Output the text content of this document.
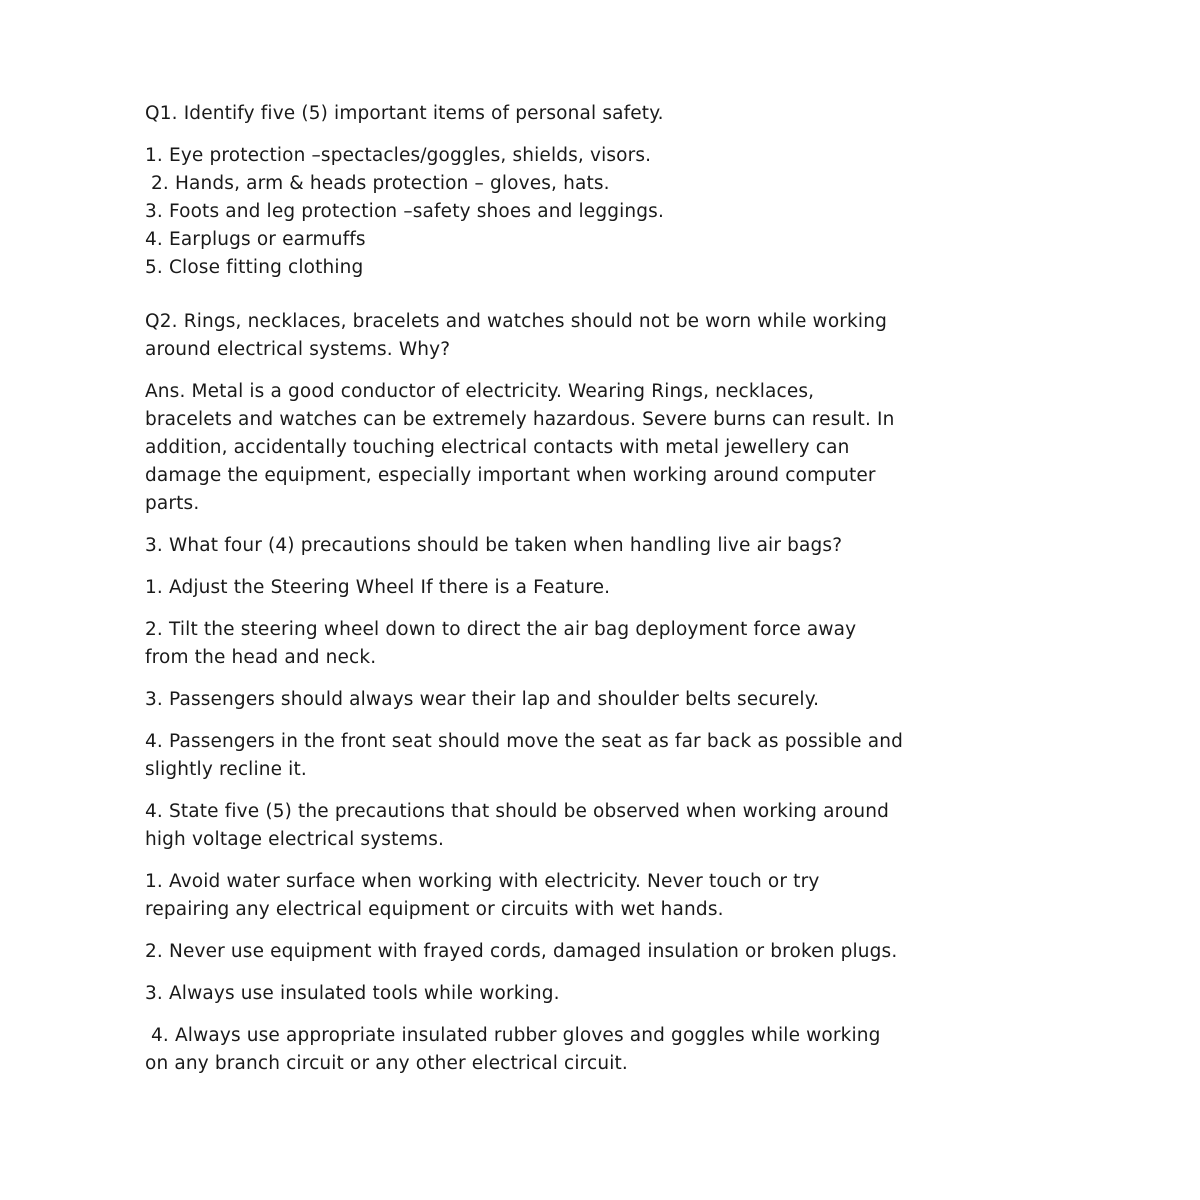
Q1. Identify five (5) important items of personal safety.

1. Eye protection –spectacles/goggles, shields, visors.
2. Hands, arm & heads protection – gloves, hats.
3. Foots and leg protection –safety shoes and leggings.
4. Earplugs or earmuffs
5. Close fitting clothing

Q2. Rings, necklaces, bracelets and watches should not be worn while working
around electrical systems. Why?

Ans. Metal is a good conductor of electricity. Wearing Rings, necklaces,
bracelets and watches can be extremely hazardous. Severe burns can result. In
addition, accidentally touching electrical contacts with metal jewellery can
damage the equipment, especially important when working around computer
parts.

3. What four (4) precautions should be taken when handling live air bags?

1. Adjust the Steering Wheel If there is a Feature.

2. Tilt the steering wheel down to direct the air bag deployment force away
from the head and neck.

3. Passengers should always wear their lap and shoulder belts securely.

4. Passengers in the front seat should move the seat as far back as possible and
slightly recline it.

4. State five (5) the precautions that should be observed when working around
high voltage electrical systems.

1. Avoid water surface when working with electricity. Never touch or try
repairing any electrical equipment or circuits with wet hands.

2. Never use equipment with frayed cords, damaged insulation or broken plugs.

3. Always use insulated tools while working.

4. Always use appropriate insulated rubber gloves and goggles while working
on any branch circuit or any other electrical circuit.
